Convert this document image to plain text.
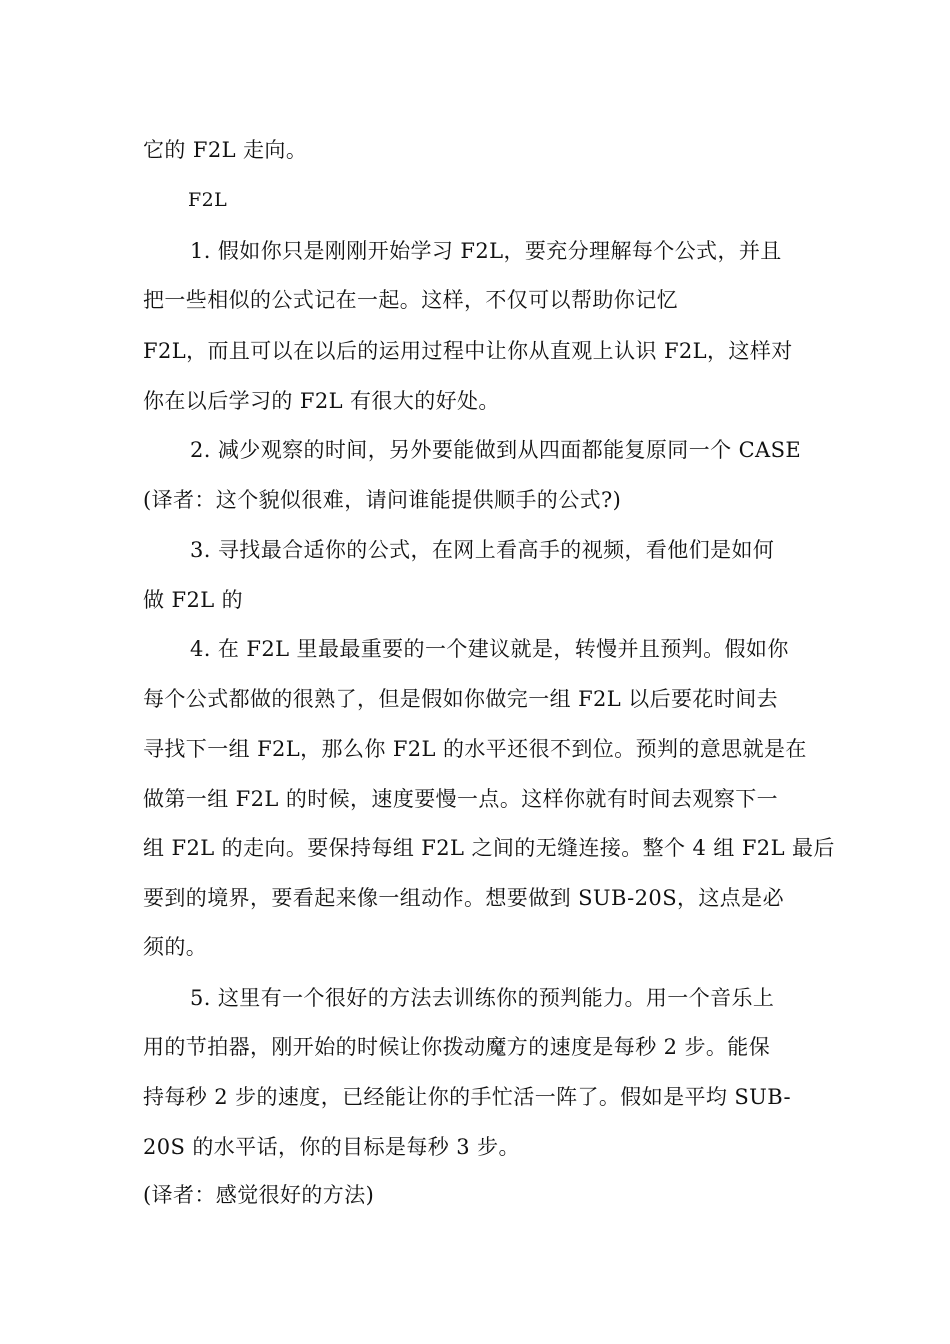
它的 F2L 走向。
F2L
1. 假如你只是刚刚开始学习 F2L，要充分理解每个公式，并且
把一些相似的公式记在一起。这样，不仅可以帮助你记忆
F2L，而且可以在以后的运用过程中让你从直观上认识 F2L，这样对
你在以后学习的 F2L 有很大的好处。
2. 减少观察的时间，另外要能做到从四面都能复原同一个 CASE
(译者：这个貌似很难，请问谁能提供顺手的公式?)
3. 寻找最合适你的公式，在网上看高手的视频，看他们是如何
做 F2L 的
4. 在 F2L 里最最重要的一个建议就是，转慢并且预判。假如你
每个公式都做的很熟了，但是假如你做完一组 F2L 以后要花时间去
寻找下一组 F2L，那么你 F2L 的水平还很不到位。预判的意思就是在
做第一组 F2L 的时候，速度要慢一点。这样你就有时间去观察下一
组 F2L 的走向。要保持每组 F2L 之间的无缝连接。整个 4 组 F2L 最后
要到的境界，要看起来像一组动作。想要做到 SUB-20S，这点是必
须的。
5. 这里有一个很好的方法去训练你的预判能力。用一个音乐上
用的节拍器，刚开始的时候让你拨动魔方的速度是每秒 2 步。能保
持每秒 2 步的速度，已经能让你的手忙活一阵了。假如是平均 SUB-
20S 的水平话，你的目标是每秒 3 步。
(译者：感觉很好的方法)
